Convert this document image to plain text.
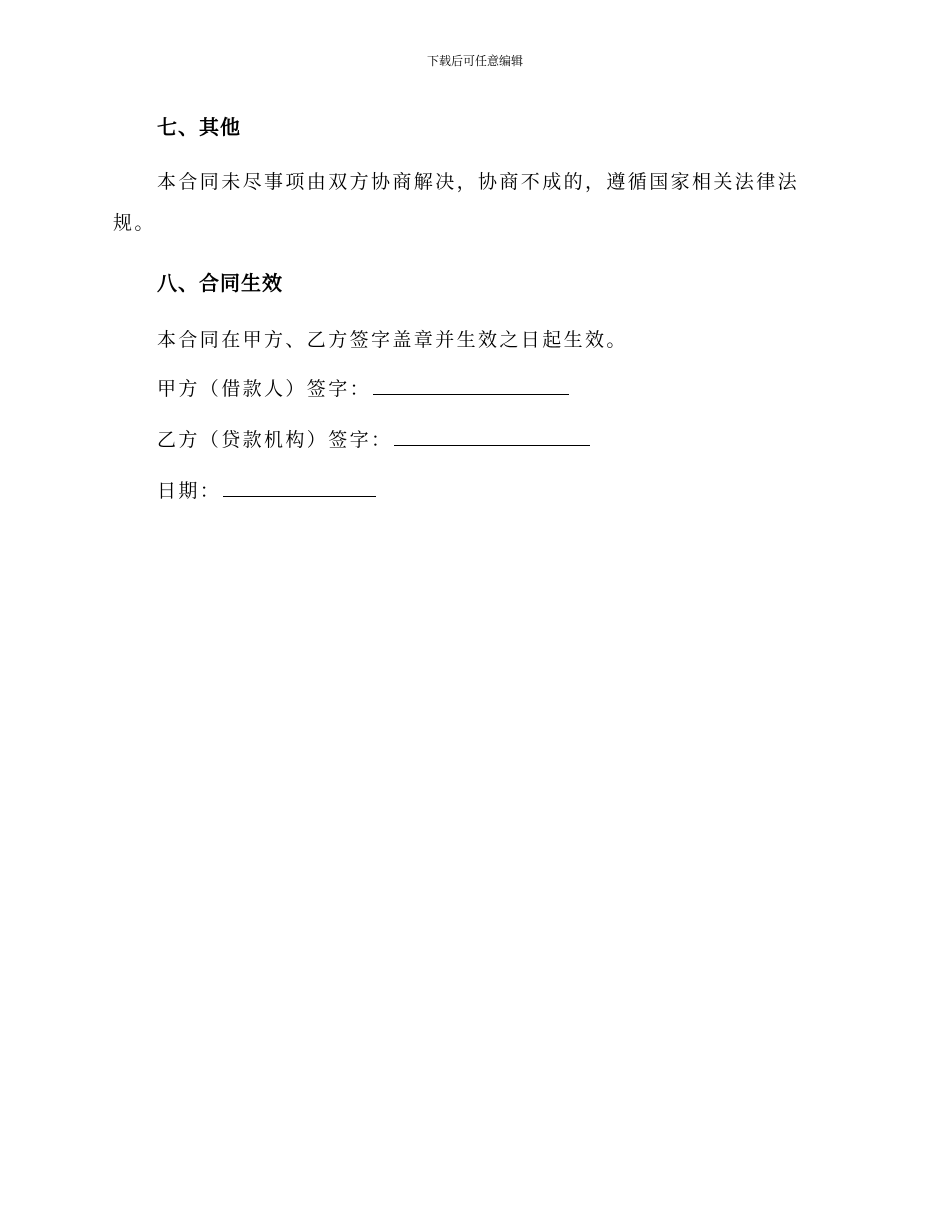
下载后可任意编辑
七、其他

本合同未尽事项由双方协商解决，协商不成的，遵循国家相关法律法规。

八、合同生效

本合同在甲方、乙方签字盖章并生效之日起生效。

甲方（借款人）签字：
乙方（贷款机构）签字：
日期：
